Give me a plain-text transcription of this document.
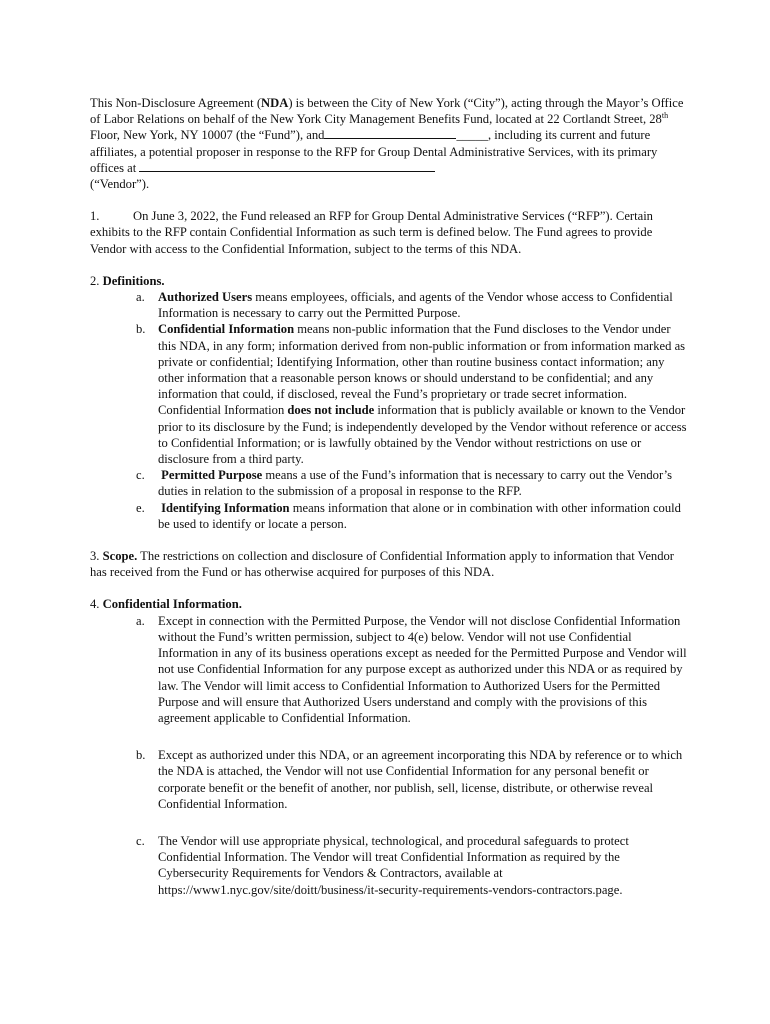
This Non-Disclosure Agreement (NDA) is between the City of New York (“City”), acting through the Mayor’s Office of Labor Relations on behalf of the New York City Management Benefits Fund, located at 22 Cortlandt Street, 28th Floor, New York, NY 10007 (the “Fund”), and	_____, including its current and future affiliates, a potential proposer in response to the RFP for Group Dental Administrative Services, with its primary offices at
(“Vendor”).

1.	On June 3, 2022, the Fund released an RFP for Group Dental Administrative Services (“RFP”). Certain exhibits to the RFP contain Confidential Information as such term is defined below. The Fund agrees to provide Vendor with access to the Confidential Information, subject to the terms of this NDA.

2. Definitions.

a. Authorized Users means employees, officials, and agents of the Vendor whose access to Confidential Information is necessary to carry out the Permitted Purpose.
b. Confidential Information means non-public information that the Fund discloses to the Vendor under this NDA, in any form; information derived from non-public information or from information marked as private or confidential; Identifying Information, other than routine business contact information; any other information that a reasonable person knows or should understand to be confidential; and any information that could, if disclosed, reveal the Fund’s proprietary or trade secret information. Confidential Information does not include information that is publicly available or known to the Vendor prior to its disclosure by the Fund; is independently developed by the Vendor without reference or access to Confidential Information; or is lawfully obtained by the Vendor without restrictions on use or disclosure from a third party.
c. Permitted Purpose means a use of the Fund’s information that is necessary to carry out the Vendor’s duties in relation to the submission of a proposal in response to the RFP.
e. Identifying Information means information that alone or in combination with other information could be used to identify or locate a person.

3. Scope. The restrictions on collection and disclosure of Confidential Information apply to information that Vendor has received from the Fund or has otherwise acquired for purposes of this NDA.

4. Confidential Information.

a. Except in connection with the Permitted Purpose, the Vendor will not disclose Confidential Information without the Fund’s written permission, subject to 4(e) below. Vendor will not use Confidential Information in any of its business operations except as needed for the Permitted Purpose and Vendor will not use Confidential Information for any purpose except as authorized under this NDA or as required by law. The Vendor will limit access to Confidential Information to Authorized Users for the Permitted Purpose and will ensure that Authorized Users understand and comply with the provisions of this agreement applicable to Confidential Information.
b. Except as authorized under this NDA, or an agreement incorporating this NDA by reference or to which the NDA is attached, the Vendor will not use Confidential Information for any personal benefit or corporate benefit or the benefit of another, nor publish, sell, license, distribute, or otherwise reveal Confidential Information.
c. The Vendor will use appropriate physical, technological, and procedural safeguards to protect Confidential Information. The Vendor will treat Confidential Information as required by the Cybersecurity Requirements for Vendors & Contractors, available at https://www1.nyc.gov/site/doitt/business/it-security-requirements-vendors-contractors.page.
